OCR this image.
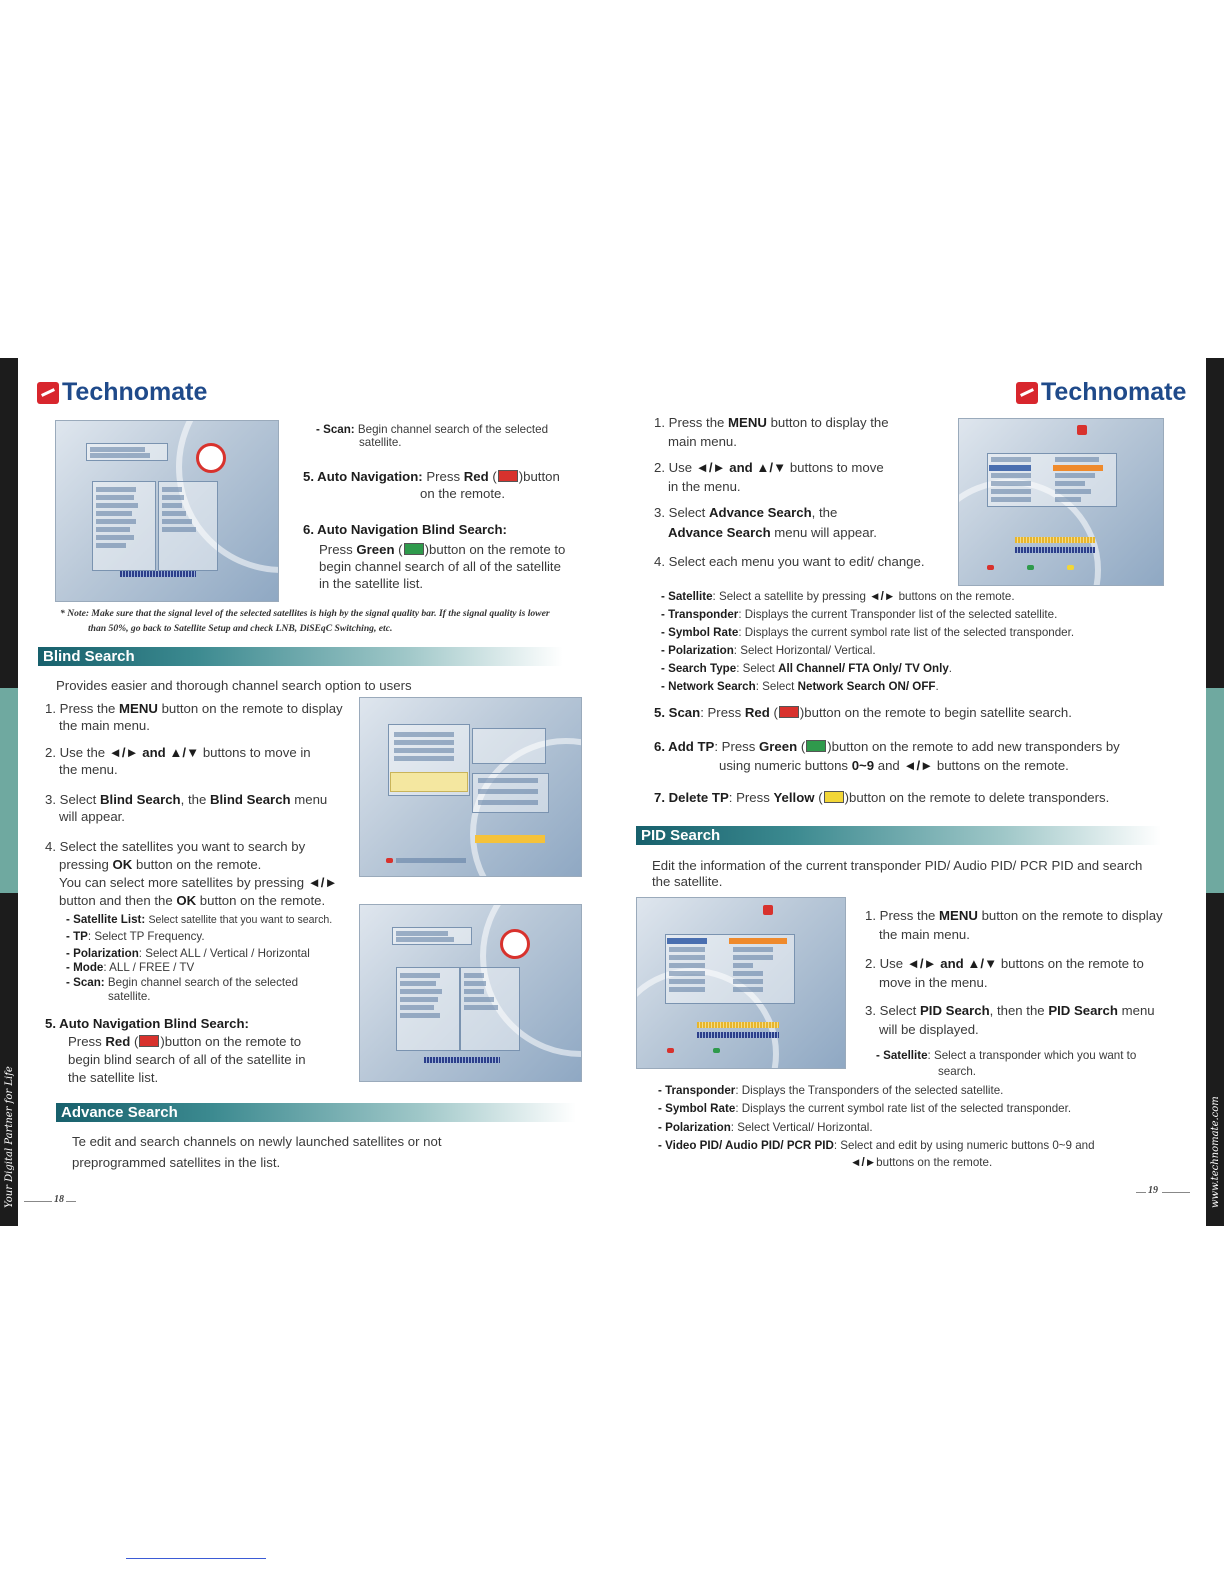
Your Digital Partner for Life	www.technomate.com
Technomate	Technomate
- Scan: Begin channel search of the selected
satellite.
5. Auto Navigation: Press Red ( )button
on the remote.
6. Auto Navigation Blind Search:
Press Green ( )button on the remote to
begin channel search of all of the satellite
in the satellite list.
* Note: Make sure that the signal level of the selected satellites is high by the signal quality bar. If the signal quality is lower
than 50%, go back to Satellite Setup and check LNB, DiSEqC Switching, etc.
Blind Search
Provides easier and thorough channel search option to users
1. Press the MENU button on the remote to display
the main menu.
2. Use the ◄/► and ▲/▼ buttons to move in
the menu.
3. Select Blind Search, the Blind Search menu
will appear.
4. Select the satellites you want to search by
pressing OK button on the remote.
You can select more satellites by pressing ◄/►
button and then the OK button on the remote.
- Satellite List: Select satellite that you want to search.
- TP: Select TP Frequency.
- Polarization: Select ALL / Vertical / Horizontal
- Mode: ALL / FREE / TV
- Scan: Begin channel search of the selected
satellite.
5. Auto Navigation Blind Search:
Press Red ( )button on the remote to
begin blind search of all of the satellite in
the satellite list.
Advance Search
Te edit and search channels on newly launched satellites or not
preprogrammed satellites in the list.
18
1. Press the MENU button to display the
main menu.
2. Use ◄/► and ▲/▼ buttons to move
in the menu.
3. Select Advance Search, the
Advance Search menu will appear.
4. Select each menu you want to edit/ change.
- Satellite: Select a satellite by pressing ◄/► buttons on the remote.
- Transponder: Displays the current Transponder list of the selected satellite.
- Symbol Rate: Displays the current symbol rate list of the selected transponder.
- Polarization: Select Horizontal/ Vertical.
- Search Type: Select All Channel/ FTA Only/ TV Only.
- Network Search: Select Network Search ON/ OFF.
5. Scan: Press Red ( )button on the remote to begin satellite search.
6. Add TP: Press Green ( )button on the remote to add new transponders by
using numeric buttons 0~9 and ◄/► buttons on the remote.
7. Delete TP: Press Yellow ( )button on the remote to delete transponders.
PID Search
Edit the information of the current transponder PID/ Audio PID/ PCR PID and search
the satellite.
1. Press the MENU button on the remote to display
the main menu.
2. Use ◄/► and ▲/▼ buttons on the remote to
move in the menu.
3. Select PID Search, then the PID Search menu
will be displayed.
- Satellite: Select a transponder which you want to
search.
- Transponder: Displays the Transponders of the selected satellite.
- Symbol Rate: Displays the current symbol rate list of the selected transponder.
- Polarization: Select Vertical/ Horizontal.
- Video PID/ Audio PID/ PCR PID: Select and edit by using numeric buttons 0~9 and
◄/►buttons on the remote.
19
